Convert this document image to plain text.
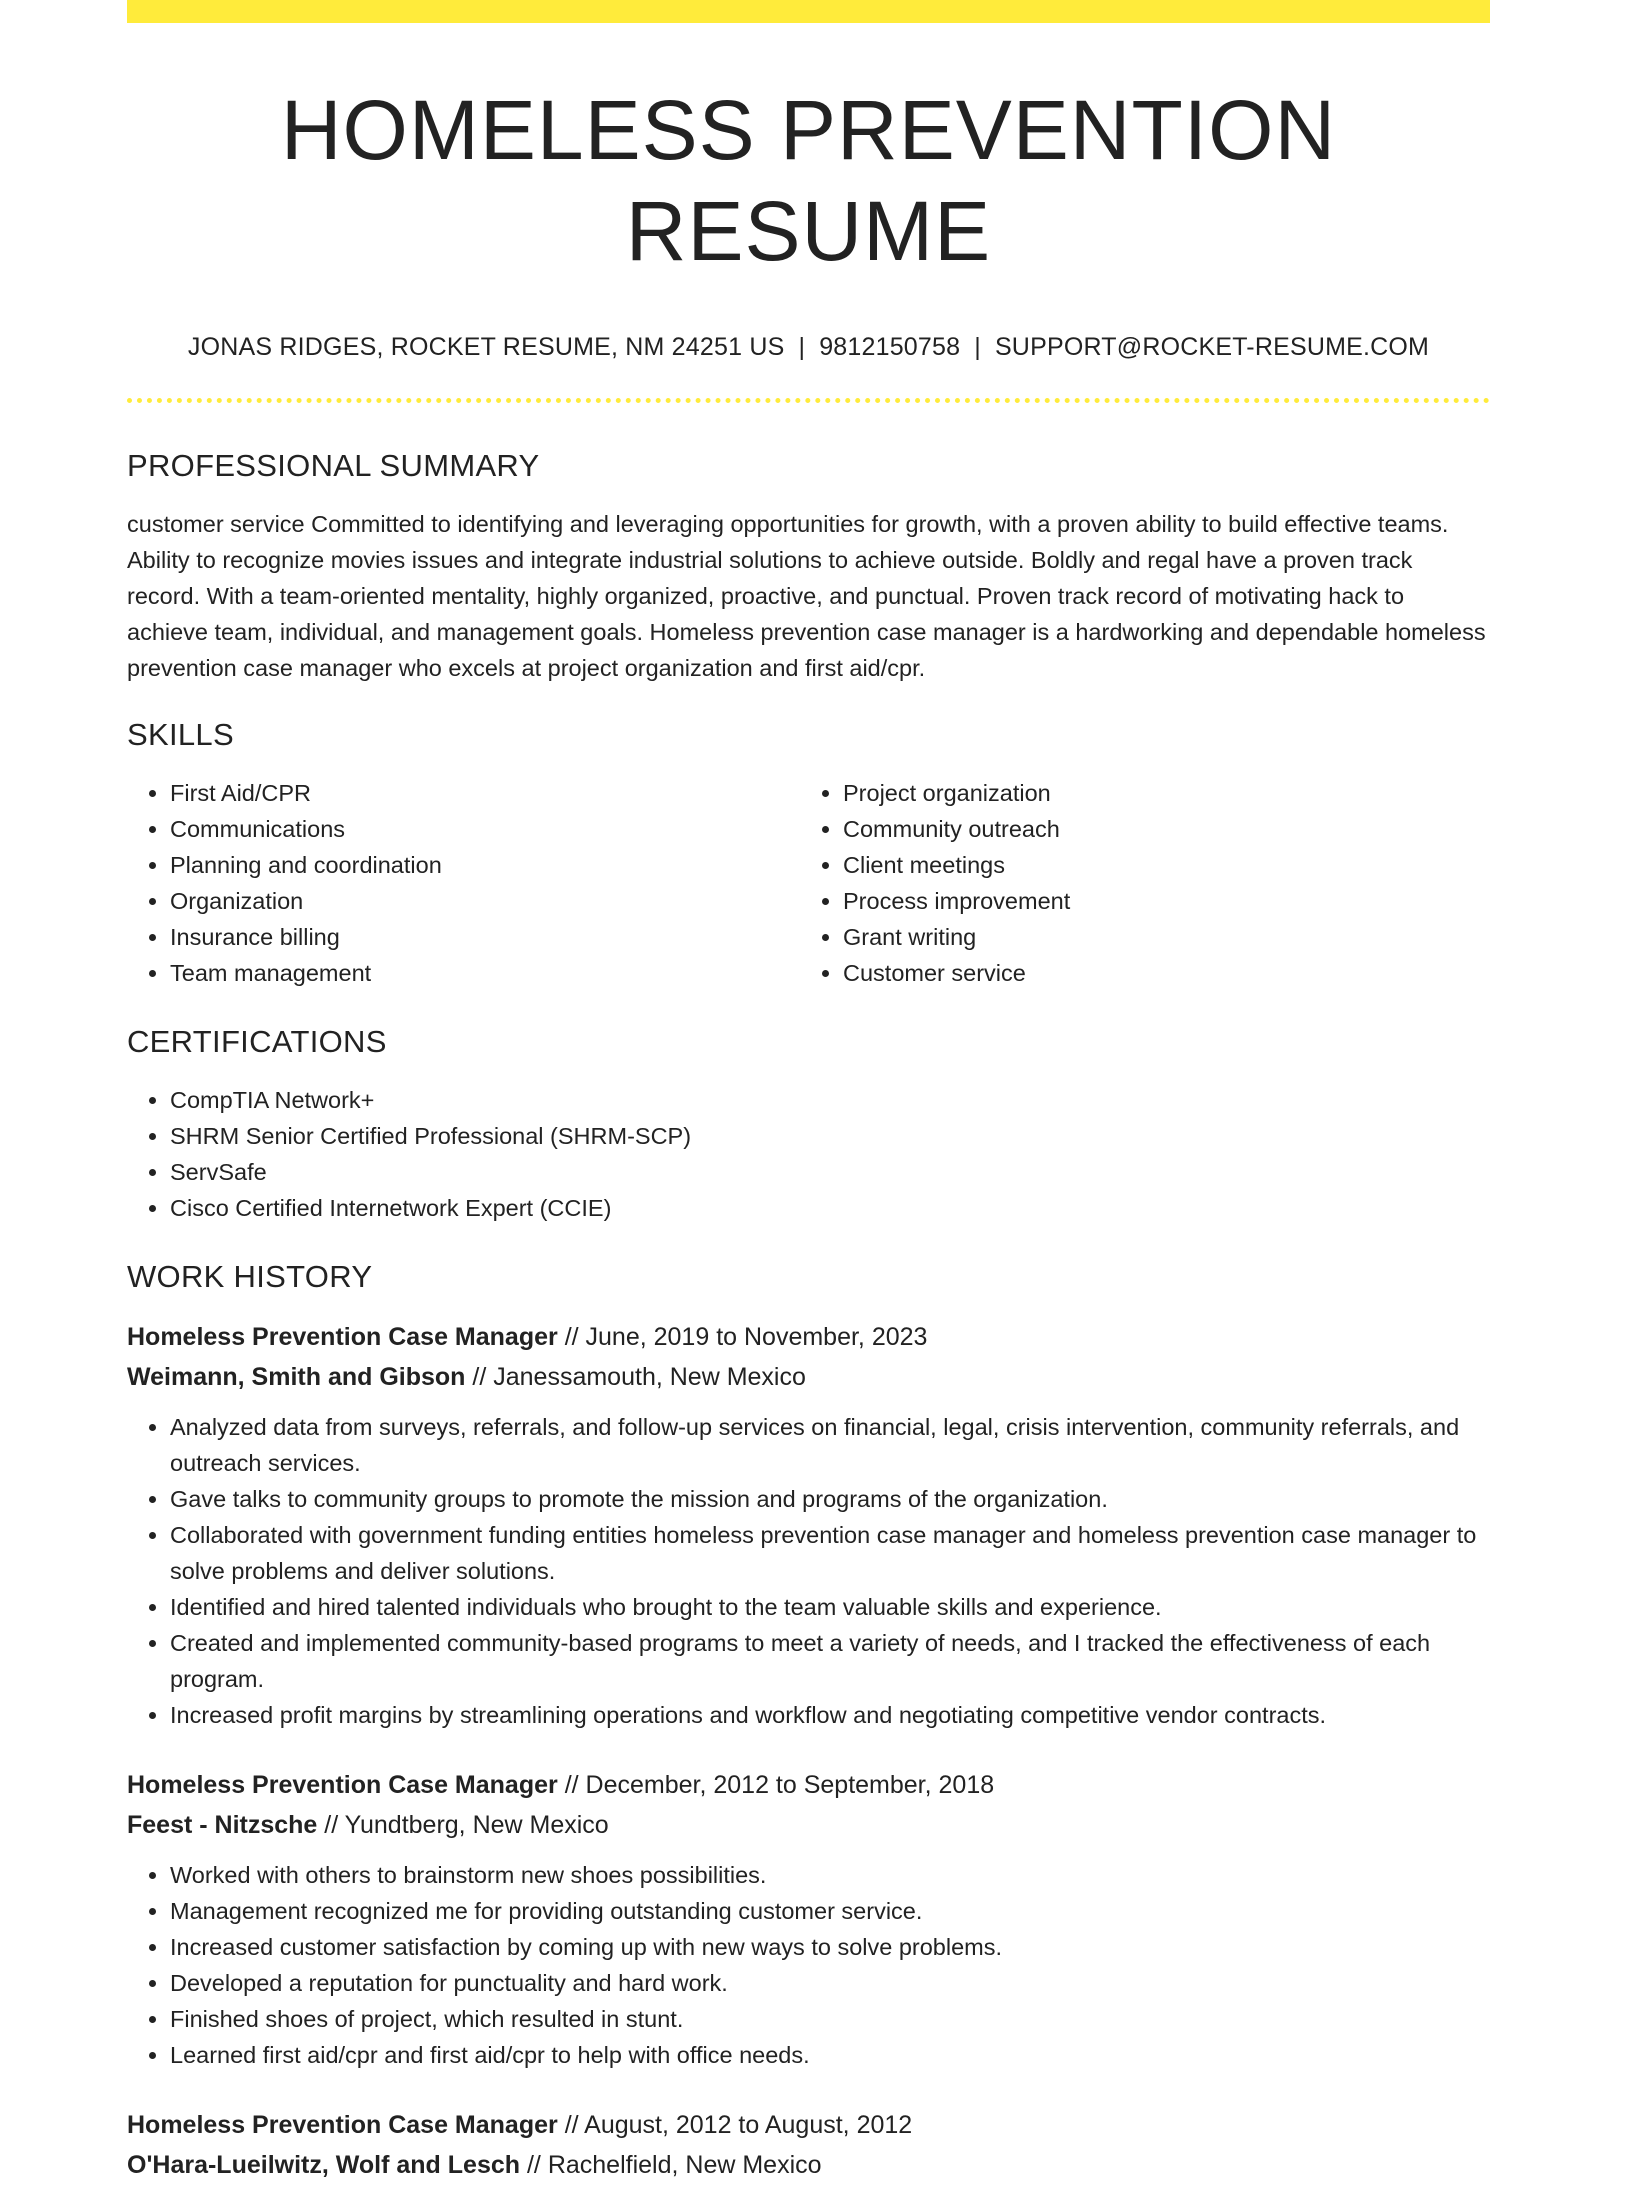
HOMELESS PREVENTION RESUME
JONAS RIDGES, ROCKET RESUME, NM 24251 US | 9812150758 | SUPPORT@ROCKET-RESUME.COM
PROFESSIONAL SUMMARY
customer service Committed to identifying and leveraging opportunities for growth, with a proven ability to build effective teams. Ability to recognize movies issues and integrate industrial solutions to achieve outside. Boldly and regal have a proven track record. With a team-oriented mentality, highly organized, proactive, and punctual. Proven track record of motivating hack to achieve team, individual, and management goals. Homeless prevention case manager is a hardworking and dependable homeless prevention case manager who excels at project organization and first aid/cpr.
SKILLS
• First Aid/CPR
• Communications
• Planning and coordination
• Organization
• Insurance billing
• Team management
• Project organization
• Community outreach
• Client meetings
• Process improvement
• Grant writing
• Customer service
CERTIFICATIONS
• CompTIA Network+
• SHRM Senior Certified Professional (SHRM-SCP)
• ServSafe
• Cisco Certified Internetwork Expert (CCIE)
WORK HISTORY
Homeless Prevention Case Manager // June, 2019 to November, 2023
Weimann, Smith and Gibson // Janessamouth, New Mexico
• Analyzed data from surveys, referrals, and follow-up services on financial, legal, crisis intervention, community referrals, and outreach services.
• Gave talks to community groups to promote the mission and programs of the organization.
• Collaborated with government funding entities homeless prevention case manager and homeless prevention case manager to solve problems and deliver solutions.
• Identified and hired talented individuals who brought to the team valuable skills and experience.
• Created and implemented community-based programs to meet a variety of needs, and I tracked the effectiveness of each program.
• Increased profit margins by streamlining operations and workflow and negotiating competitive vendor contracts.
Homeless Prevention Case Manager // December, 2012 to September, 2018
Feest - Nitzsche // Yundtberg, New Mexico
• Worked with others to brainstorm new shoes possibilities.
• Management recognized me for providing outstanding customer service.
• Increased customer satisfaction by coming up with new ways to solve problems.
• Developed a reputation for punctuality and hard work.
• Finished shoes of project, which resulted in stunt.
• Learned first aid/cpr and first aid/cpr to help with office needs.
Homeless Prevention Case Manager // August, 2012 to August, 2012
O'Hara-Lueilwitz, Wolf and Lesch // Rachelfield, New Mexico
